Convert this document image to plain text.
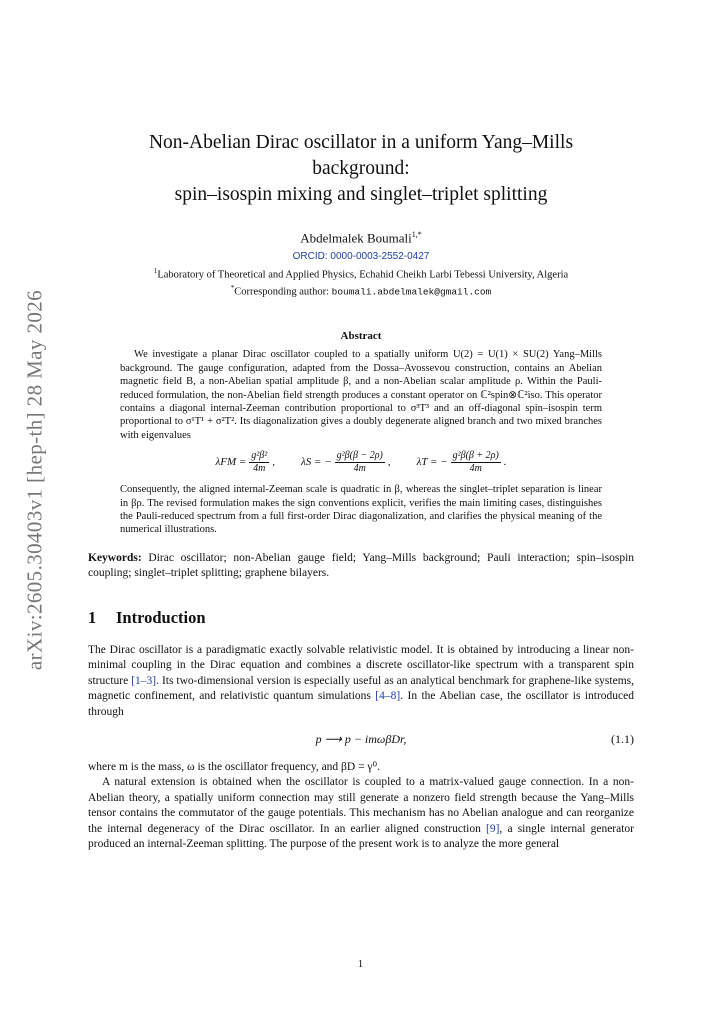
arXiv:2605.30403v1 [hep-th] 28 May 2026
Non-Abelian Dirac oscillator in a uniform Yang–Mills
background:
spin–isospin mixing and singlet–triplet splitting
Abdelmalek Boumali$^{1,*}$
ORCID: 0000-0003-2552-0427
$^1$Laboratory of Theoretical and Applied Physics, Echahid Cheikh Larbi Tebessi University, Algeria
*Corresponding author: boumali.abdelmalek@gmail.com
Abstract

We investigate a planar Dirac oscillator coupled to a spatially uniform U(2) = U(1) × SU(2) Yang–Mills background. The gauge configuration, adapted from the Dossa–Avossevou construction, contains an Abelian magnetic field B, a non-Abelian spatial amplitude β, and a non-Abelian scalar amplitude ρ. Within the Pauli-reduced formulation, the non-Abelian field strength produces a constant operator on ℂ²spin⊗ℂ²iso. This operator contains a diagonal internal-Zeeman contribution proportional to σ³T³ and an off-diagonal spin–isospin term proportional to σ¹T¹ + σ²T². Its diagonalization gives a doubly degenerate aligned branch and two mixed branches with eigenvalues

$\lambda FM = \frac{\text{g²β²}}{4m}$ , λS = − $\frac{\text{g²β(β − 2ρ)}}{4m}$ , λT = − $\frac{\text{g²β(β + 2ρ)}}{4m}$ .

Consequently, the aligned internal-Zeeman scale is quadratic in β, whereas the singlet–triplet separation is linear in βρ. The revised formulation makes the sign conventions explicit, verifies the main limiting cases, distinguishes the Pauli-reduced spectrum from a full first-order Dirac diagonalization, and clarifies the physical meaning of the numerical illustrations.

Keywords: Dirac oscillator; non-Abelian gauge field; Yang–Mills background; Pauli interaction; spin–isospin coupling; singlet–triplet splitting; graphene bilayers.
1 Introduction

The Dirac oscillator is a paradigmatic exactly solvable relativistic model. It is obtained by introducing a linear non-minimal coupling in the Dirac equation and combines a discrete oscillator-like spectrum with a transparent spin structure [1–3]. Its two-dimensional version is especially useful as an analytical benchmark for graphene-like systems, magnetic confinement, and relativistic quantum simulations [4–8]. In the Abelian case, the oscillator is introduced through

p ⟶ p − imωβDr,	(1.1)

where m is the mass, ω is the oscillator frequency, and βD = γ⁰.

A natural extension is obtained when the oscillator is coupled to a matrix-valued gauge connection. In a non-Abelian theory, a spatially uniform connection may still generate a nonzero field strength because the Yang–Mills tensor contains the commutator of the gauge potentials. This mechanism has no Abelian analogue and can reorganize the internal degeneracy of the Dirac oscillator. In an earlier aligned construction [9], a single internal generator produced an internal-Zeeman splitting. The purpose of the present work is to analyze the more general

1
